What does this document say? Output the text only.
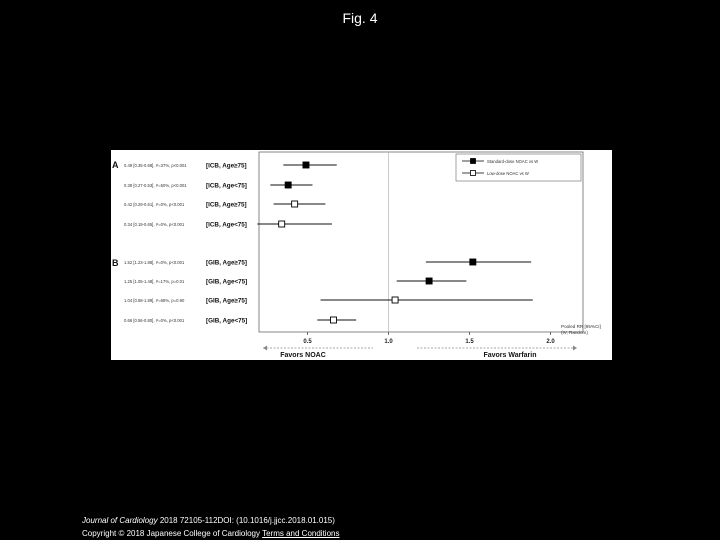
Fig. 4
0.5	1.0	1.5	2.0
A 0.49 [0.35-0.68], I²=37%, p<0.001	[ICB, Age≥75]
0.38 [0.27-0.53], I²=50%, p<0.001	[ICB, Age<75]
0.42 [0.29-0.61], I²=0%, p<0.001	[ICB, Age≥75]
0.34 [0.19-0.65], I²=0%, p<0.001	[ICB, Age<75]
B 1.52 [1.23-1.88], I²=0%, p<0.001	[GIB, Age≥75]
1.25 [1.05-1.48], I²=17%, p=0.01	[GIB, Age<75]
1.04 [0.58-1.89], I²=68%, p=0.90	[GIB, Age≥75]
0.66 [0.56-0.80], I²=0%, p<0.001	[GIB, Age<75]
Standard-dose NOAC vs W
Low-dose NOAC vs W
Pooled RR [95%CI]
(IV, Random)
Favors NOAC	Favors Warfarin
Journal of Cardiology 2018 72105-112DOI: (10.1016/j.jjcc.2018.01.015)
Copyright © 2018 Japanese College of Cardiology Terms and Conditions
